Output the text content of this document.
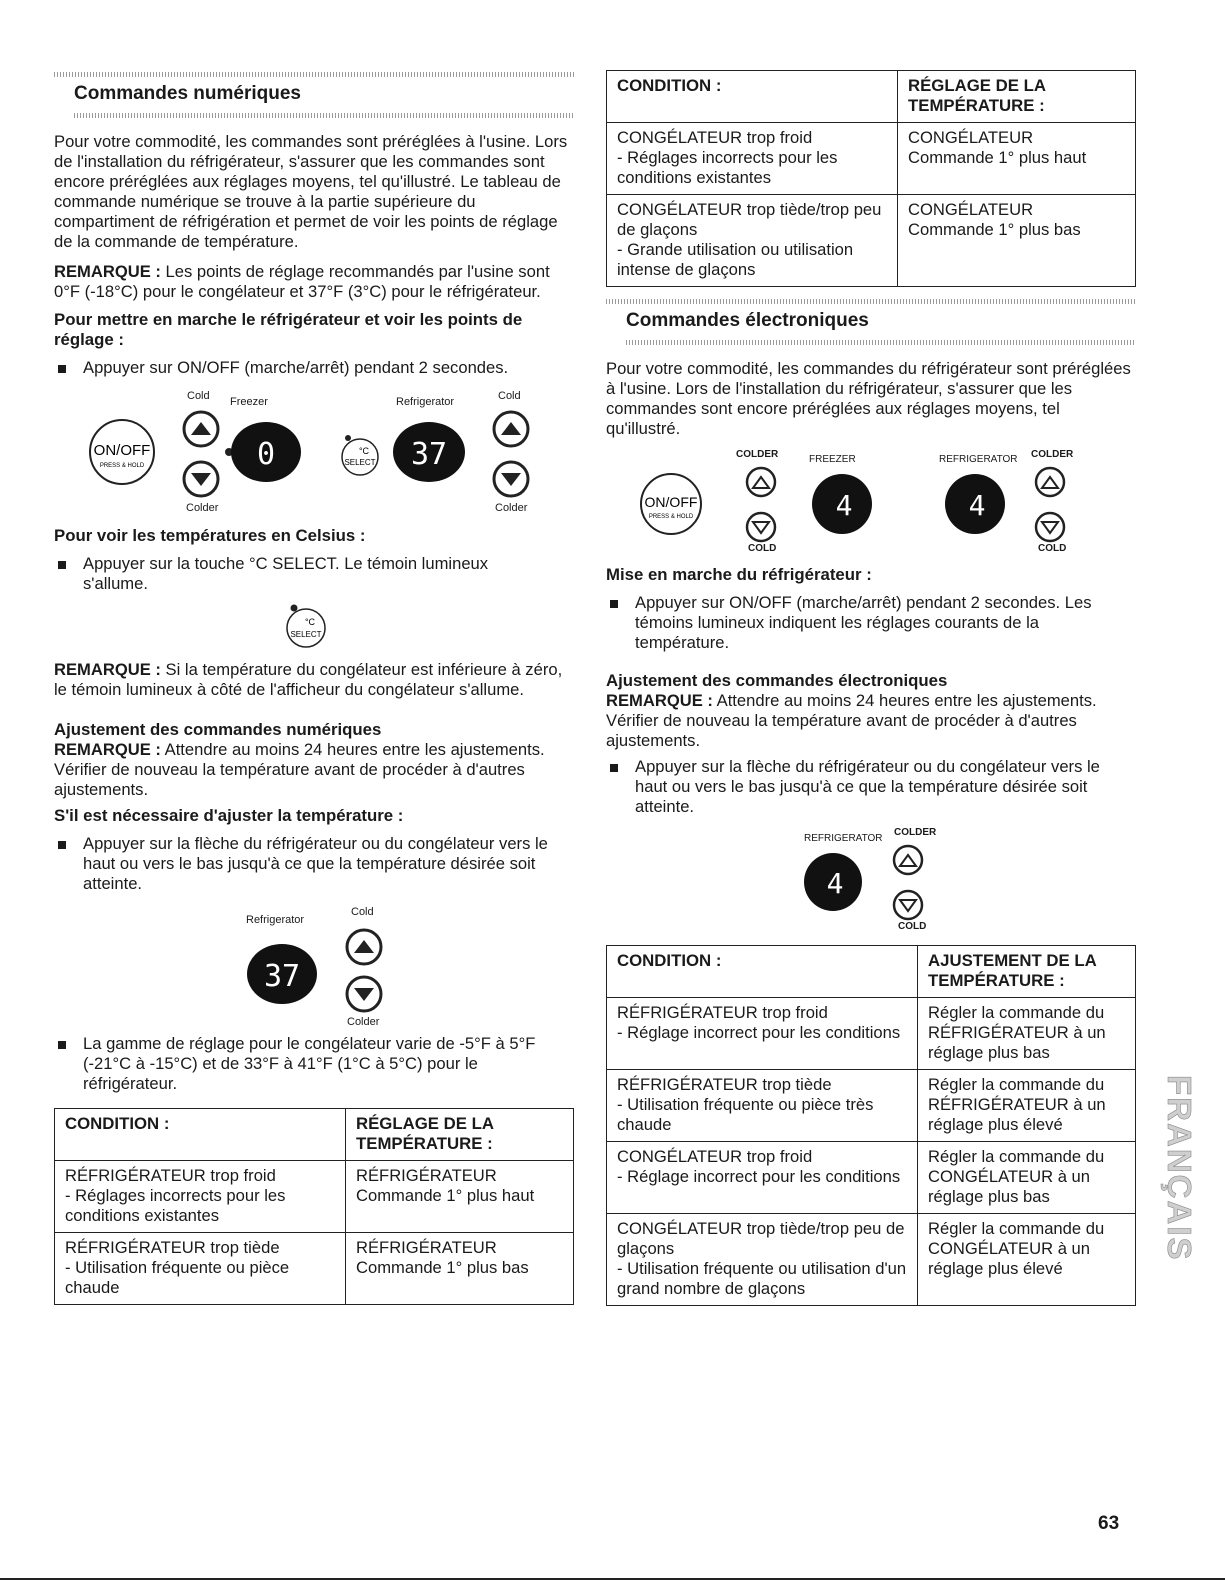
Commandes numériques

Pour votre commodité, les commandes sont préréglées à l'usine. Lors de l'installation du réfrigérateur, s'assurer que les commandes sont encore préréglées aux réglages moyens, tel qu'illustré. Le tableau de commande numérique se trouve à la partie supérieure du compartiment de réfrigération et permet de voir les points de réglage de la commande de température.

REMARQUE : Les points de réglage recommandés par l'usine sont 0°F (-18°C) pour le congélateur et 37°F (3°C) pour le réfrigérateur.

Pour mettre en marche le réfrigérateur et voir les points de réglage :
Appuyer sur ON/OFF (marche/arrêt) pendant 2 secondes.
Cold Freezer	Refrigerator	Cold
ON/OFF
PRESS & HOLD	0	°C
SELECT 37
Colder	Colder
Pour voir les températures en Celsius :
Appuyer sur la touche °C SELECT. Le témoin lumineux s'allume.
°C
SELECT

REMARQUE : Si la température du congélateur est inférieure à zéro, le témoin lumineux à côté de l'afficheur du congélateur s'allume.

Ajustement des commandes numériques

REMARQUE : Attendre au moins 24 heures entre les ajustements. Vérifier de nouveau la température avant de procéder à d'autres ajustements.

S'il est nécessaire d'ajuster la température :
Appuyer sur la flèche du réfrigérateur ou du congélateur vers le haut ou vers le bas jusqu'à ce que la température désirée soit atteinte.
Refrigerator
Cold
37
Colder
La gamme de réglage pour le congélateur varie de -5°F à 5°F (-21°C à -15°C) et de 33°F à 41°F (1°C à 5°C) pour le réfrigérateur.
CONDITION :	RÉGLAGE DE LA TEMPÉRATURE :

RÉFRIGÉRATEUR trop froid
- Réglages incorrects pour les conditions existantes	RÉFRIGÉRATEUR
Commande 1° plus haut

RÉFRIGÉRATEUR trop tiède
- Utilisation fréquente ou pièce chaude	RÉFRIGÉRATEUR
Commande 1° plus bas
CONDITION :	RÉGLAGE DE LA TEMPÉRATURE :

CONGÉLATEUR trop froid
- Réglages incorrects pour les conditions existantes	CONGÉLATEUR
Commande 1° plus haut

CONGÉLATEUR trop tiède/trop peu de glaçons
- Grande utilisation ou utilisation intense de glaçons	CONGÉLATEUR
Commande 1° plus bas
Commandes électroniques

Pour votre commodité, les commandes du réfrigérateur sont préréglées à l'usine. Lors de l'installation du réfrigérateur, s'assurer que les commandes sont encore préréglées aux réglages moyens, tel qu'illustré.

COLDER	FREEZER	REFRIGERATOR COLDER
ON/OFF
PRESS & HOLD	4	4
COLD	COLD
Mise en marche du réfrigérateur :
Appuyer sur ON/OFF (marche/arrêt) pendant 2 secondes. Les témoins lumineux indiquent les réglages courants de la température.
Ajustement des commandes électroniques

REMARQUE : Attendre au moins 24 heures entre les ajustements. Vérifier de nouveau la température avant de procéder à d'autres ajustements.

Appuyer sur la flèche du réfrigérateur ou du congélateur vers le haut ou vers le bas jusqu'à ce que la température désirée soit atteinte.
REFRIGERATOR
COLDER
4
COLD
CONDITION :	AJUSTEMENT DE LA TEMPÉRATURE :

RÉFRIGÉRATEUR trop froid
- Réglage incorrect pour les conditions	Régler la commande du RÉFRIGÉRATEUR à un réglage plus bas

RÉFRIGÉRATEUR trop tiède
- Utilisation fréquente ou pièce très chaude	Régler la commande du RÉFRIGÉRATEUR à un réglage plus élevé

CONGÉLATEUR trop froid
- Réglage incorrect pour les conditions	Régler la commande du CONGÉLATEUR à un réglage plus bas

CONGÉLATEUR trop tiède/trop peu de glaçons
- Utilisation fréquente ou utilisation d'un grand nombre de glaçons	Régler la commande du CONGÉLATEUR à un réglage plus élevé
FRANÇAIS
63
